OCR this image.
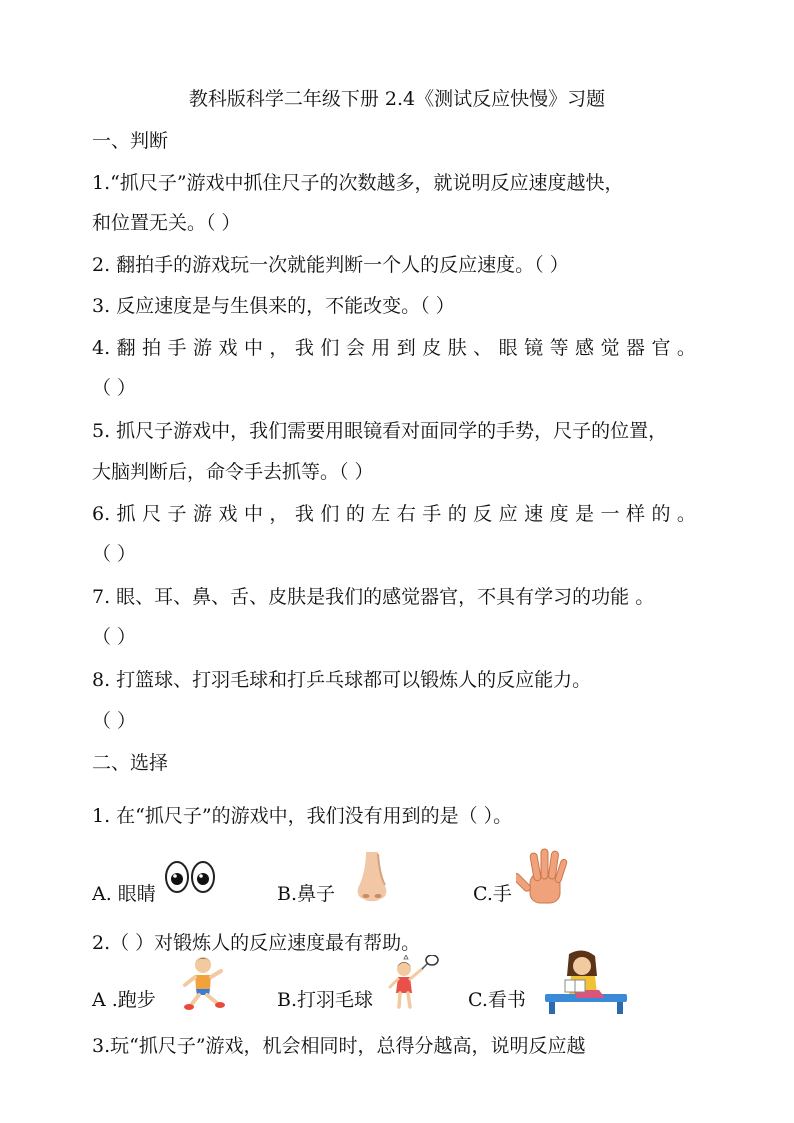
教科版科学二年级下册 2.4《测试反应快慢》习题
一、判断
1.“抓尺子”游戏中抓住尺子的次数越多，就说明反应速度越快，
和位置无关。（ ）
2. 翻拍手的游戏玩一次就能判断一个人的反应速度。（ ）
3. 反应速度是与生俱来的，不能改变。（ ）
4. 翻 拍 手 游 戏 中 ， 我 们 会 用 到 皮 肤 、 眼 镜 等 感 觉 器 官 。
（ ）
5. 抓尺子游戏中，我们需要用眼镜看对面同学的手势，尺子的位置，
大脑判断后，命令手去抓等。（ ）
6. 抓 尺 子 游 戏 中 ， 我 们 的 左 右 手 的 反 应 速 度 是 一 样 的 。
（ ）
7. 眼、耳、鼻、舌、皮肤是我们的感觉器官，不具有学习的功能 。
（ ）
8. 打篮球、打羽毛球和打乒乓球都可以锻炼人的反应能力。
（ ）
二、选择
1. 在“抓尺子”的游戏中，我们没有用到的是（ ）。
A. 眼睛	B.鼻子	C.手
2.（ ）对锻炼人的反应速度最有帮助。
A .跑步	B.打羽毛球	C.看书
3.玩“抓尺子”游戏，机会相同时，总得分越高，说明反应越
